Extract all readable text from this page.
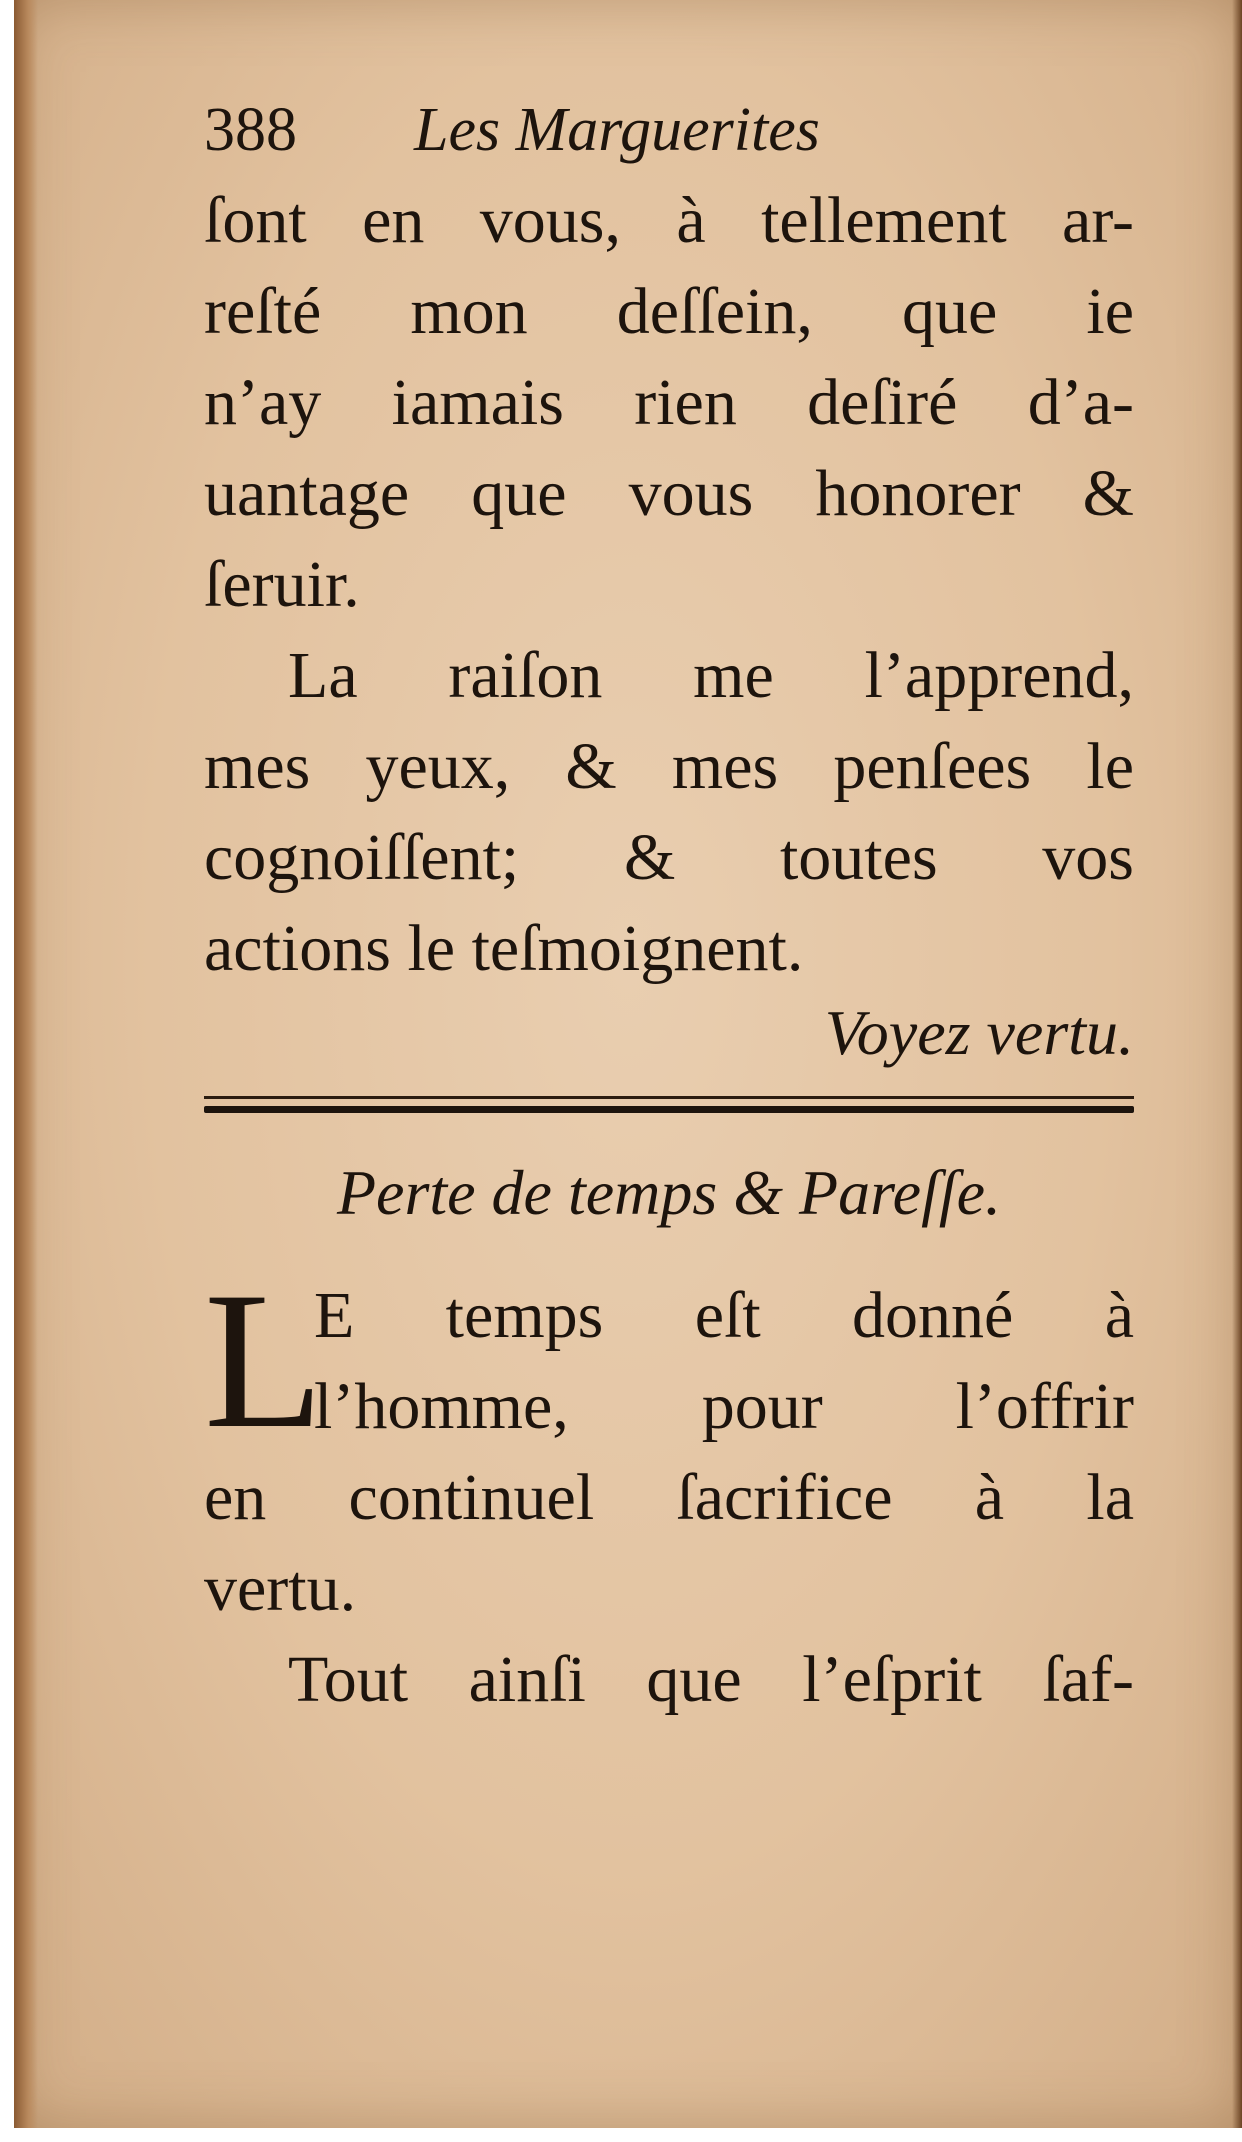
388 Les Marguerites
ſont en vous, à tellement ar-
reſté mon deſſein, que ie
n’ay iamais rien deſiré d’a-
uantage que vous honorer &
ſeruir.
La raiſon me l’apprend,
mes yeux, & mes penſees le
cognoiſſent; & toutes vos
actions le teſmoignent.
Voyez vertu.
Perte de temps & Pareſſe.
L
E temps eſt donné à
l’homme, pour l’offrir
en continuel ſacrifice à la
vertu.
Tout ainſi que l’eſprit ſaf-
